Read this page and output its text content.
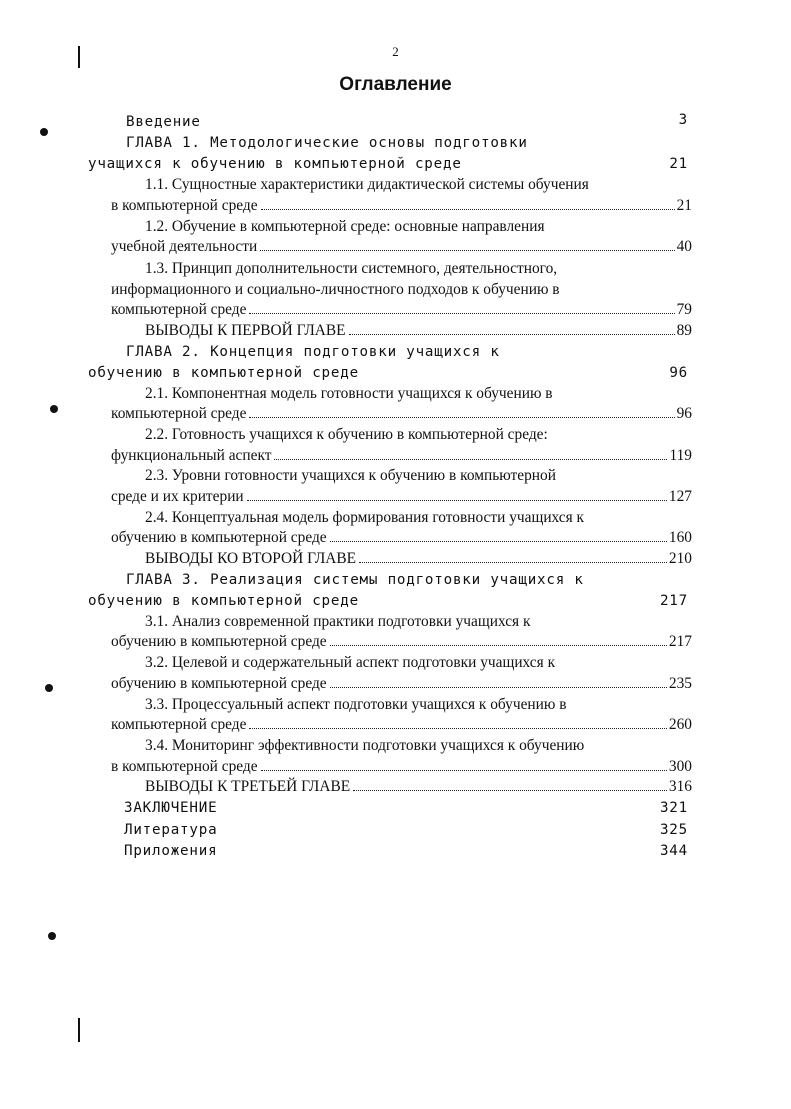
2
Оглавление
Введение	3
ГЛАВА 1. Методологические основы подготовки
учащихся к обучению в компьютерной среде	21
1.1. Сущностные характеристики дидактической системы обучения
в компьютерной среде	21
1.2. Обучение в компьютерной среде: основные направления
учебной деятельности	40
1.3. Принцип дополнительности системного, деятельностного,
информационного и социально-личностного подходов к обучению в
компьютерной среде	79
ВЫВОДЫ К ПЕРВОЙ ГЛАВЕ	89
ГЛАВА 2. Концепция подготовки учащихся к
обучению в компьютерной среде	96
2.1. Компонентная модель готовности учащихся к обучению в
компьютерной среде	96
2.2. Готовность учащихся к обучению в компьютерной среде:
функциональный аспект	119
2.3. Уровни готовности учащихся к обучению в компьютерной
среде и их критерии	127
2.4. Концептуальная модель формирования готовности учащихся к
обучению в компьютерной среде	160
ВЫВОДЫ КО ВТОРОЙ ГЛАВЕ	210
ГЛАВА 3. Реализация системы подготовки учащихся к
обучению в компьютерной среде	217
3.1. Анализ современной практики подготовки учащихся к
обучению в компьютерной среде	217
3.2. Целевой и содержательный аспект подготовки учащихся к
обучению в компьютерной среде	235
3.3. Процессуальный аспект подготовки учащихся к обучению в
компьютерной среде	260
3.4. Мониторинг эффективности подготовки учащихся к обучению
в компьютерной среде	300
ВЫВОДЫ К ТРЕТЬЕЙ ГЛАВЕ	316
ЗАКЛЮЧЕНИЕ	321
Литература	325
Приложения	344
